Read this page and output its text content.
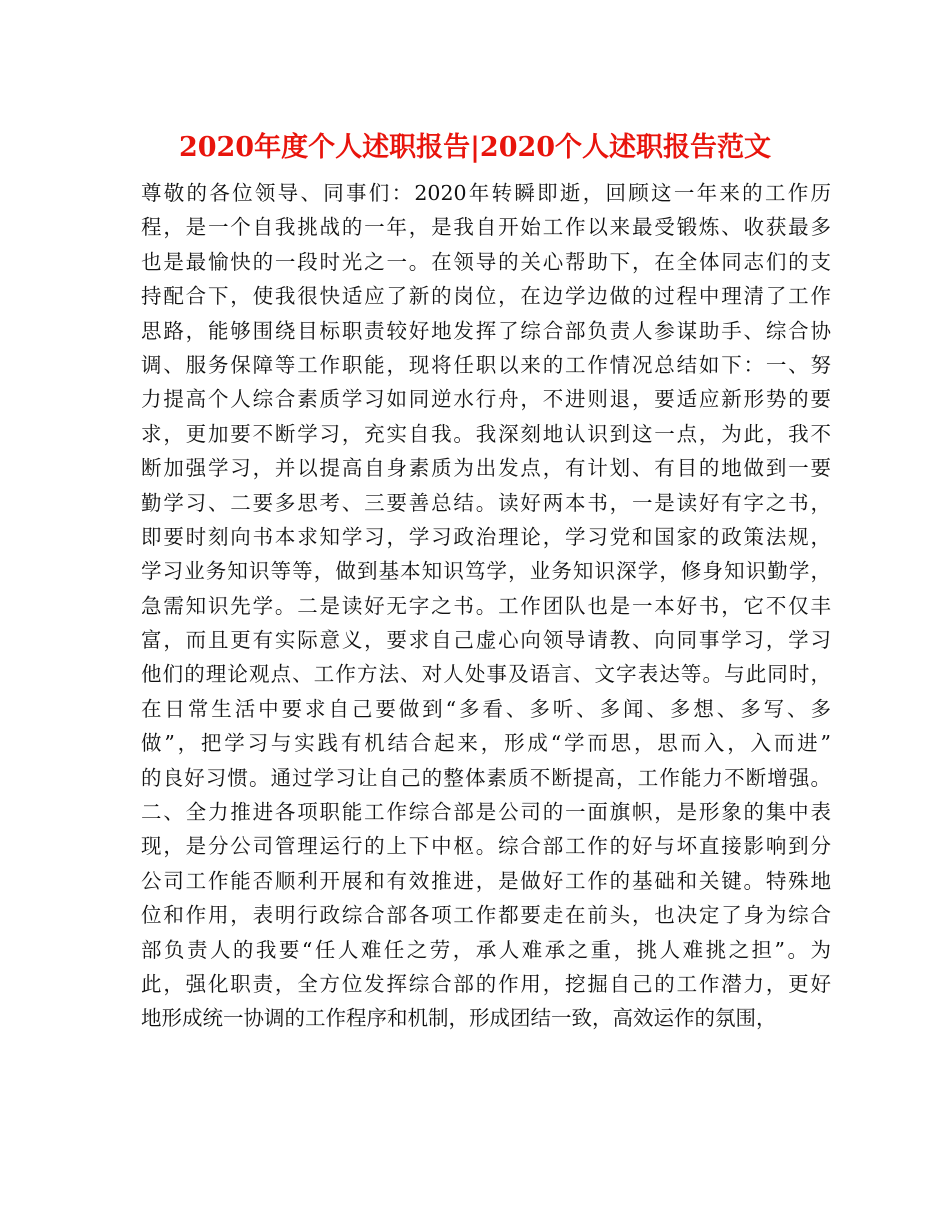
2020年度个人述职报告|2020个人述职报告范文
尊敬的各位领导、同事们：2020年转瞬即逝，回顾这一年来的工作历
程，是一个自我挑战的一年，是我自开始工作以来最受锻炼、收获最多
也是最愉快的一段时光之一。在领导的关心帮助下，在全体同志们的支
持配合下，使我很快适应了新的岗位，在边学边做的过程中理清了工作
思路，能够围绕目标职责较好地发挥了综合部负责人参谋助手、综合协
调、服务保障等工作职能，现将任职以来的工作情况总结如下：一、努
力提高个人综合素质学习如同逆水行舟，不进则退，要适应新形势的要
求，更加要不断学习，充实自我。我深刻地认识到这一点，为此，我不
断加强学习，并以提高自身素质为出发点，有计划、有目的地做到一要
勤学习、二要多思考、三要善总结。读好两本书，一是读好有字之书，
即要时刻向书本求知学习，学习政治理论，学习党和国家的政策法规，
学习业务知识等等，做到基本知识笃学，业务知识深学，修身知识勤学，
急需知识先学。二是读好无字之书。工作团队也是一本好书，它不仅丰
富，而且更有实际意义，要求自己虚心向领导请教、向同事学习，学习
他们的理论观点、工作方法、对人处事及语言、文字表达等。与此同时，
在日常生活中要求自己要做到“多看、多听、多闻、多想、多写、多
做”，把学习与实践有机结合起来，形成“学而思，思而入，入而进”
的良好习惯。通过学习让自己的整体素质不断提高，工作能力不断增强。
二、全力推进各项职能工作综合部是公司的一面旗帜，是形象的集中表
现，是分公司管理运行的上下中枢。综合部工作的好与坏直接影响到分
公司工作能否顺利开展和有效推进，是做好工作的基础和关键。特殊地
位和作用，表明行政综合部各项工作都要走在前头，也决定了身为综合
部负责人的我要“任人难任之劳，承人难承之重，挑人难挑之担”。为
此，强化职责，全方位发挥综合部的作用，挖掘自己的工作潜力，更好
地形成统一协调的工作程序和机制，形成团结一致，高效运作的氛围，
